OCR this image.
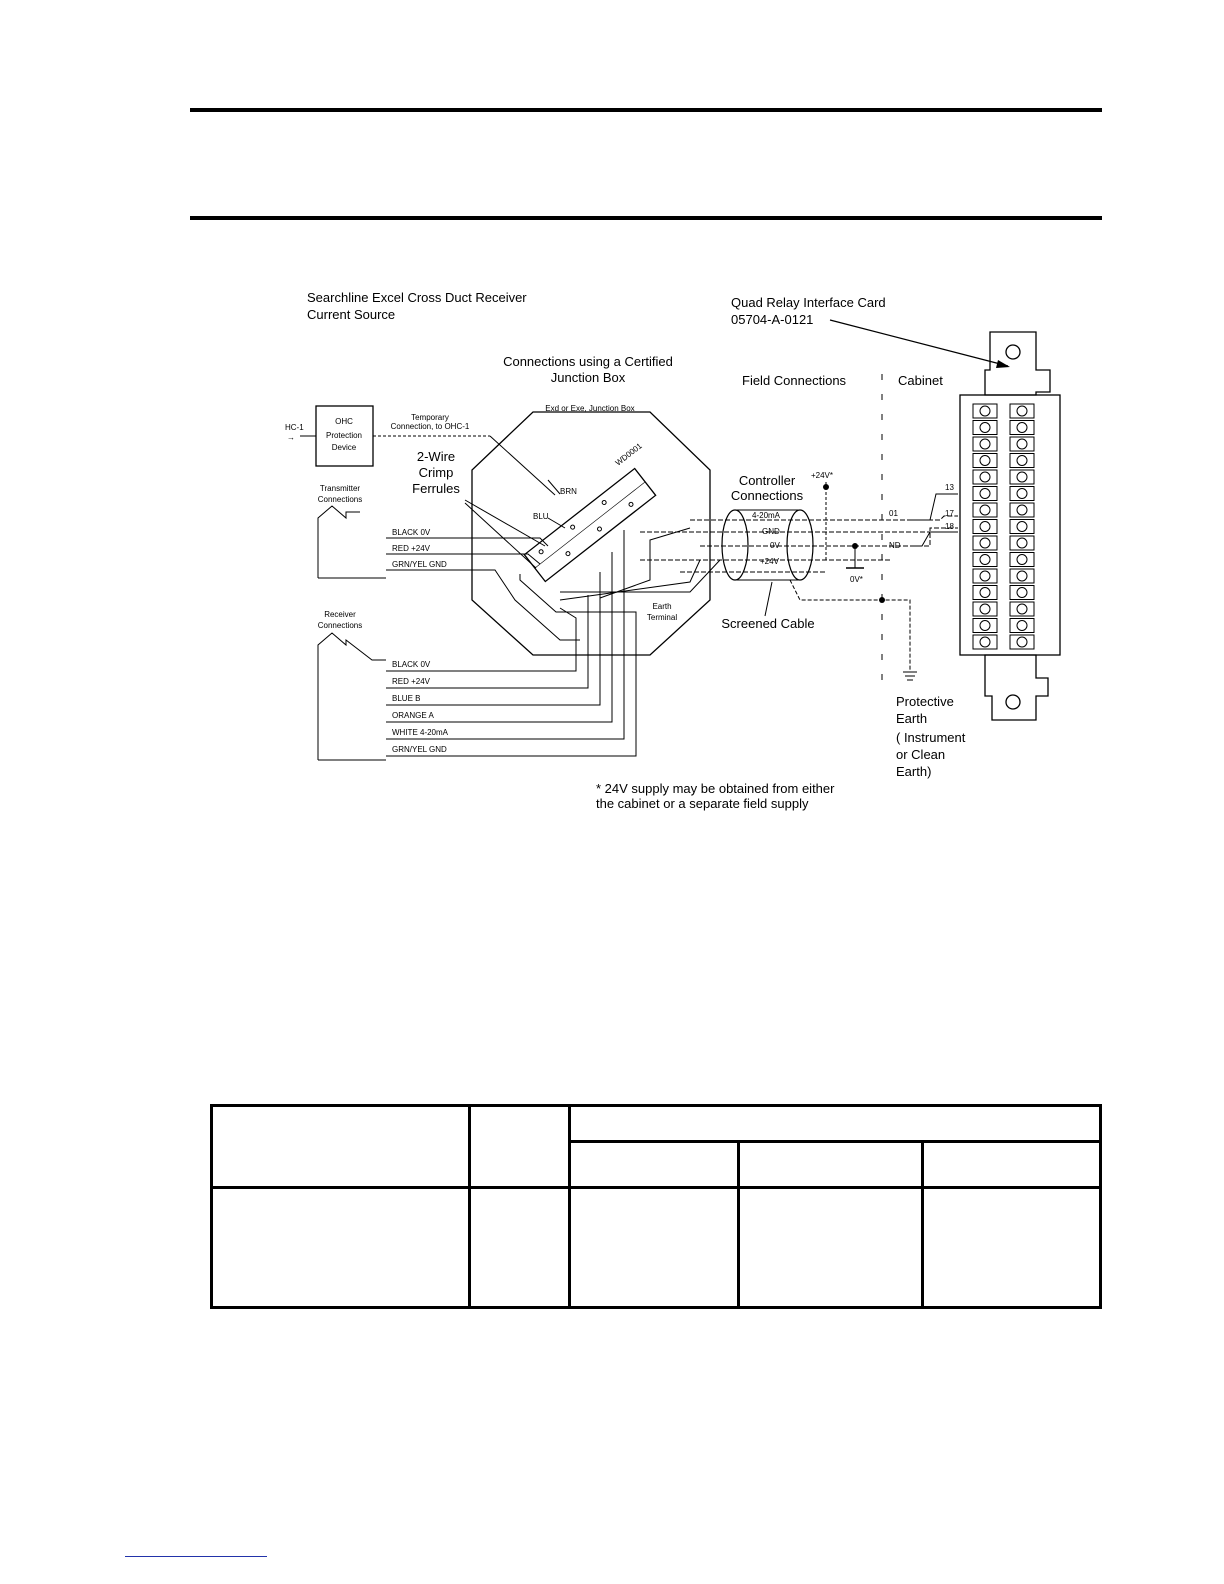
Searchline Excel Cross Duct Receiver
Current Source
Quad Relay Interface Card
05704-A-0121
Connections using a Certified
Junction Box	Field Connections	Cabinet
HC-1
→
OHC
Protection
Device
Temporary
Connection, to OHC-1
Exd or Exe, Junction Box
WD0001
2-Wire
Crimp
Ferrules	BRN
BLU
Transmitter
Connections
BLACK 0V
RED +24V
GRN/YEL GND
Receiver
Connections
BLACK 0V
RED +24V
BLUE B
ORANGE A
WHITE 4-20mA
GRN/YEL GND
Earth
Terminal
Controller
Connections
+24V*
4-20mA
GND
0V
+24V
Screened Cable
0V*
13
17
18
01
ND
Protective
Earth
( Instrument
or Clean
Earth)
* 24V supply may be obtained from either
the cabinet or a separate field supply
